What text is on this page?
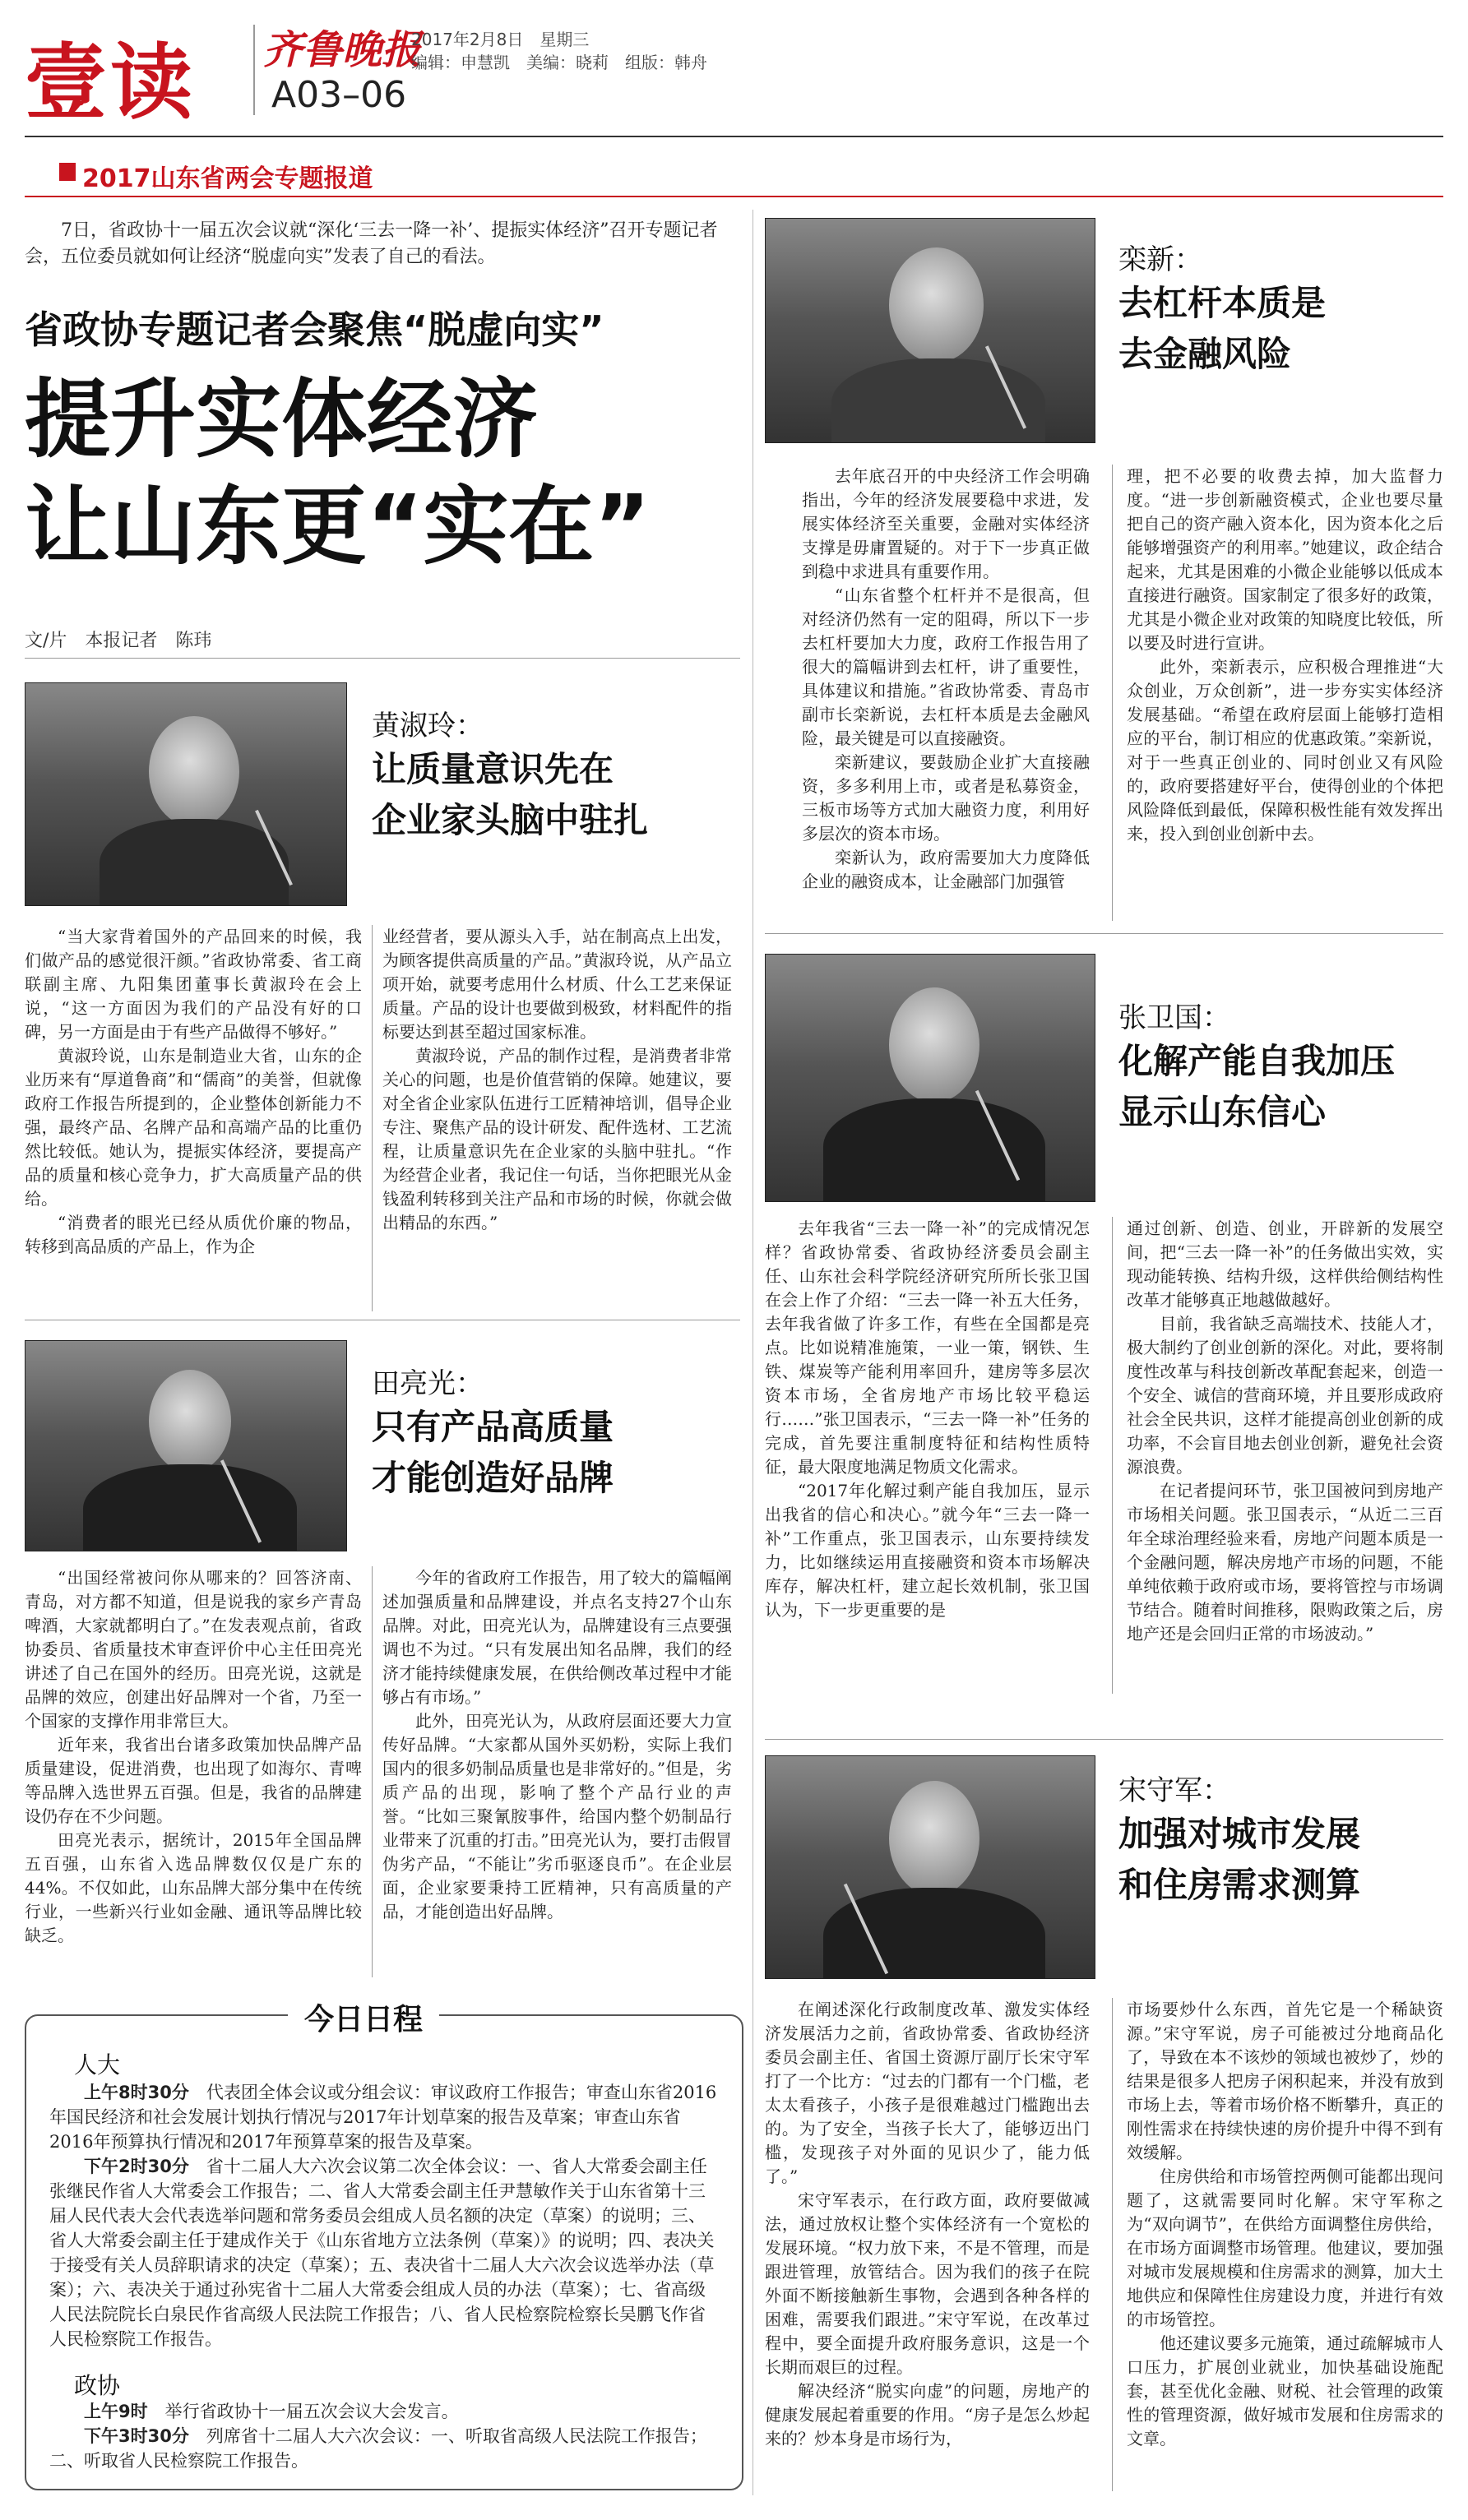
壹读 齐鲁晚报
A03–06
2017年2月8日　星期三
编辑：申慧凯　美编：晓莉　组版：韩舟
2017山东省两会专题报道
7日，省政协十一届五次会议就“深化‘三去一降一补’、提振实体经济”召开专题记者会，五位委员就如何让经济“脱虚向实”发表了自己的看法。
省政协专题记者会聚焦“脱虚向实”
提升实体经济
让山东更“实在”
文/片　本报记者　陈玮
黄淑玲：
让质量意识先在
企业家头脑中驻扎

“当大家背着国外的产品回来的时候，我们做产品的感觉很汗颜。”省政协常委、省工商联副主席、九阳集团董事长黄淑玲在会上说，“这一方面因为我们的产品没有好的口碑，另一方面是由于有些产品做得不够好。”

黄淑玲说，山东是制造业大省，山东的企业历来有“厚道鲁商”和“儒商”的美誉，但就像政府工作报告所提到的，企业整体创新能力不强，最终产品、名牌产品和高端产品的比重仍然比较低。她认为，提振实体经济，要提高产品的质量和核心竞争力，扩大高质量产品的供给。

“消费者的眼光已经从质优价廉的物品，转移到高品质的产品上，作为企

业经营者，要从源头入手，站在制高点上出发，为顾客提供高质量的产品。”黄淑玲说，从产品立项开始，就要考虑用什么材质、什么工艺来保证质量。产品的设计也要做到极致，材料配件的指标要达到甚至超过国家标准。

黄淑玲说，产品的制作过程，是消费者非常关心的问题，也是价值营销的保障。她建议，要对全省企业家队伍进行工匠精神培训，倡导企业专注、聚焦产品的设计研发、配件选材、工艺流程，让质量意识先在企业家的头脑中驻扎。“作为经营企业者，我记住一句话，当你把眼光从金钱盈利转移到关注产品和市场的时候，你就会做出精品的东西。”

田亮光：
只有产品高质量
才能创造好品牌

“出国经常被问你从哪来的？回答济南、青岛，对方都不知道，但是说我的家乡产青岛啤酒，大家就都明白了。”在发表观点前，省政协委员、省质量技术审查评价中心主任田亮光讲述了自己在国外的经历。田亮光说，这就是品牌的效应，创建出好品牌对一个省，乃至一个国家的支撑作用非常巨大。

近年来，我省出台诸多政策加快品牌产品质量建设，促进消费，也出现了如海尔、青啤等品牌入选世界五百强。但是，我省的品牌建设仍存在不少问题。

田亮光表示，据统计，2015年全国品牌五百强，山东省入选品牌数仅仅是广东的44%。不仅如此，山东品牌大部分集中在传统行业，一些新兴行业如金融、通讯等品牌比较缺乏。

今年的省政府工作报告，用了较大的篇幅阐述加强质量和品牌建设，并点名支持27个山东品牌。对此，田亮光认为，品牌建设有三点要强调也不为过。“只有发展出知名品牌，我们的经济才能持续健康发展，在供给侧改革过程中才能够占有市场。”

此外，田亮光认为，从政府层面还要大力宣传好品牌。“大家都从国外买奶粉，实际上我们国内的很多奶制品质量也是非常好的。”但是，劣质产品的出现，影响了整个产品行业的声誉。“比如三聚氰胺事件，给国内整个奶制品行业带来了沉重的打击。”田亮光认为，要打击假冒伪劣产品，“不能让”劣币驱逐良币”。在企业层面，企业家要秉持工匠精神，只有高质量的产品，才能创造出好品牌。

今日日程
人大
上午8时30分　 代表团全体会议或分组会议：审议政府工作报告；审查山东省2016年国民经济和社会发展计划执行情况与2017年计划草案的报告及草案；审查山东省2016年预算执行情况和2017年预算草案的报告及草案。
下午2时30分　 省十二届人大六次会议第二次全体会议：一、省人大常委会副主任张继民作省人大常委会工作报告；二、省人大常委会副主任尹慧敏作关于山东省第十三届人民代表大会代表选举问题和常务委员会组成人员名额的决定（草案）的说明；三、省人大常委会副主任于建成作关于《山东省地方立法条例（草案）》的说明；四、表决关于接受有关人员辞职请求的决定（草案）；五、表决省十二届人大六次会议选举办法（草案）；六、表决关于通过孙宪省十二届人大常委会组成人员的办法（草案）；七、省高级人民法院院长白泉民作省高级人民法院工作报告；八、省人民检察院检察长吴鹏飞作省人民检察院工作报告。
政协
上午9时　 举行省政协十一届五次会议大会发言。
下午3时30分　 列席省十二届人大六次会议：一、听取省高级人民法院工作报告；二、听取省人民检察院工作报告。
栾新：
去杠杆本质是
去金融风险

去年底召开的中央经济工作会明确指出，今年的经济发展要稳中求进，发展实体经济至关重要，金融对实体经济支撑是毋庸置疑的。对于下一步真正做到稳中求进具有重要作用。

“山东省整个杠杆并不是很高，但对经济仍然有一定的阻碍，所以下一步去杠杆要加大力度，政府工作报告用了很大的篇幅讲到去杠杆，讲了重要性，具体建议和措施。”省政协常委、青岛市副市长栾新说，去杠杆本质是去金融风险，最关键是可以直接融资。

栾新建议，要鼓励企业扩大直接融资，多多利用上市，或者是私募资金，三板市场等方式加大融资力度，利用好多层次的资本市场。

栾新认为，政府需要加大力度降低企业的融资成本，让金融部门加强管

理，把不必要的收费去掉，加大监督力度。“进一步创新融资模式，企业也要尽量把自己的资产融入资本化，因为资本化之后能够增强资产的利用率。”她建议，政企结合起来，尤其是困难的小微企业能够以低成本直接进行融资。国家制定了很多好的政策，尤其是小微企业对政策的知晓度比较低，所以要及时进行宣讲。

此外，栾新表示，应积极合理推进“大众创业，万众创新”，进一步夯实实体经济发展基础。“希望在政府层面上能够打造相应的平台，制订相应的优惠政策。”栾新说，对于一些真正创业的、同时创业又有风险的，政府要搭建好平台，使得创业的个体把风险降低到最低，保障积极性能有效发挥出来，投入到创业创新中去。

张卫国：
化解产能自我加压
显示山东信心

去年我省“三去一降一补”的完成情况怎样？省政协常委、省政协经济委员会副主任、山东社会科学院经济研究所所长张卫国在会上作了介绍：“三去一降一补五大任务，去年我省做了许多工作，有些在全国都是亮点。比如说精准施策，一业一策，钢铁、生铁、煤炭等产能利用率回升，建房等多层次资本市场，全省房地产市场比较平稳运行……”张卫国表示，“三去一降一补”任务的完成，首先要注重制度特征和结构性质特征，最大限度地满足物质文化需求。

“2017年化解过剩产能自我加压，显示出我省的信心和决心。”就今年“三去一降一补”工作重点，张卫国表示，山东要持续发力，比如继续运用直接融资和资本市场解决库存，解决杠杆，建立起长效机制，张卫国认为，下一步更重要的是

通过创新、创造、创业，开辟新的发展空间，把“三去一降一补”的任务做出实效，实现动能转换、结构升级，这样供给侧结构性改革才能够真正地越做越好。

目前，我省缺乏高端技术、技能人才，极大制约了创业创新的深化。对此，要将制度性改革与科技创新改革配套起来，创造一个安全、诚信的营商环境，并且要形成政府社会全民共识，这样才能提高创业创新的成功率，不会盲目地去创业创新，避免社会资源浪费。

在记者提问环节，张卫国被问到房地产市场相关问题。张卫国表示，“从近二三百年全球治理经验来看，房地产问题本质是一个金融问题，解决房地产市场的问题，不能单纯依赖于政府或市场，要将管控与市场调节结合。随着时间推移，限购政策之后，房地产还是会回归正常的市场波动。”

宋守军：
加强对城市发展
和住房需求测算

在阐述深化行政制度改革、激发实体经济发展活力之前，省政协常委、省政协经济委员会副主任、省国土资源厅副厅长宋守军打了一个比方：“过去的门都有一个门槛，老太太看孩子，小孩子是很难越过门槛跑出去的。为了安全，当孩子长大了，能够迈出门槛，发现孩子对外面的见识少了，能力低了。”

宋守军表示，在行政方面，政府要做减法，通过放权让整个实体经济有一个宽松的发展环境。“权力放下来，不是不管理，而是跟进管理，放管结合。因为我们的孩子在院外面不断接触新生事物，会遇到各种各样的困难，需要我们跟进。”宋守军说，在改革过程中，要全面提升政府服务意识，这是一个长期而艰巨的过程。

解决经济“脱实向虚”的问题，房地产的健康发展起着重要的作用。“房子是怎么炒起来的？炒本身是市场行为，

市场要炒什么东西，首先它是一个稀缺资源。”宋守军说，房子可能被过分地商品化了，导致在本不该炒的领域也被炒了，炒的结果是很多人把房子闲积起来，并没有放到市场上去，等着市场价格不断攀升，真正的刚性需求在持续快速的房价提升中得不到有效缓解。

住房供给和市场管控两侧可能都出现问题了，这就需要同时化解。宋守军称之为“双向调节”，在供给方面调整住房供给，在市场方面调整市场管理。他建议，要加强对城市发展规模和住房需求的测算，加大土地供应和保障性住房建设力度，并进行有效的市场管控。

他还建议要多元施策，通过疏解城市人口压力，扩展创业就业，加快基础设施配套，甚至优化金融、财税、社会管理的政策性的管理资源，做好城市发展和住房需求的文章。
